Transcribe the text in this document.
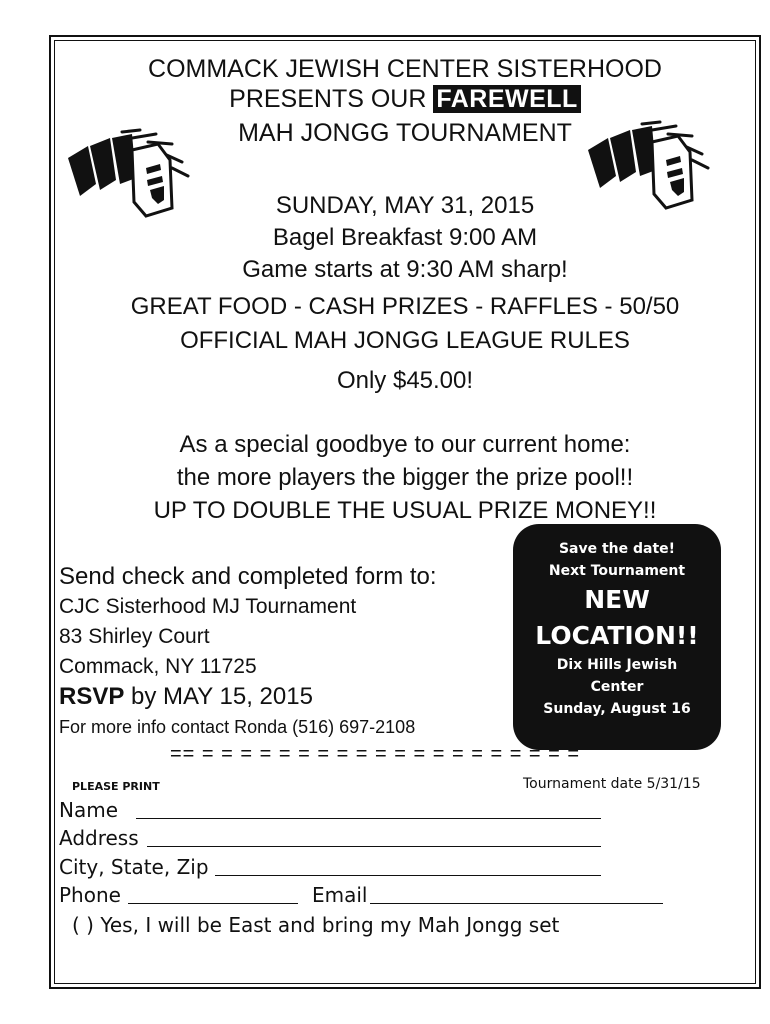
COMMACK JEWISH CENTER SISTERHOOD
PRESENTS OUR FAREWELL
MAH JONGG TOURNAMENT
SUNDAY, MAY 31, 2015
Bagel Breakfast 9:00 AM
Game starts at 9:30 AM sharp!
GREAT FOOD - CASH PRIZES - RAFFLES - 50/50
OFFICIAL MAH JONGG LEAGUE RULES
Only $45.00!
As a special goodbye to our current home:
the more players the bigger the prize pool!!
UP TO DOUBLE THE USUAL PRIZE MONEY!!
Send check and completed form to:
CJC Sisterhood MJ Tournament
83 Shirley Court
Commack, NY 11725
RSVP by MAY 15, 2015
For more info contact Ronda (516) 697-2108
Save the date!
Next Tournament
NEW
LOCATION!!
Dix Hills Jewish
Center
Sunday, August 16
== = = = = = = = = = = = = = = = = = = = =
PLEASE PRINT	Tournament date 5/31/15
Name
Address
City, State, Zip
Phone	Email
( ) Yes, I will be East and bring my Mah Jongg set
